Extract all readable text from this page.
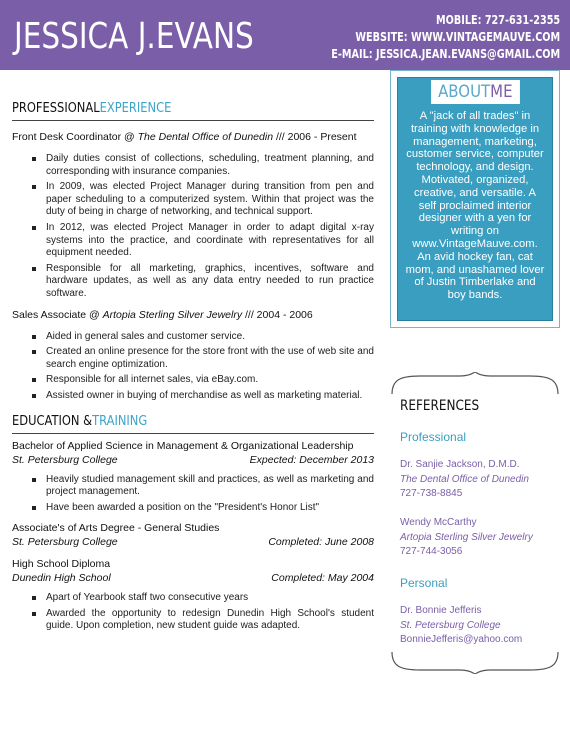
JESSICA J.EVANS	MOBILE: 727-631-2355
WEBSITE: WWW.VINTAGEMAUVE.COM
E-MAIL: JESSICA.JEAN.EVANS@GMAIL.COM
PROFESSIONALEXPERIENCE
Front Desk Coordinator @ The Dental Office of Dunedin /// 2006 - Present
Daily duties consist of collections, scheduling, treatment planning, and corresponding with insurance companies.
In 2009, was elected Project Manager during transition from pen and paper scheduling to a computerized system. Within that project was the duty of being in charge of networking, and technical support.
In 2012, was elected Project Manager in order to adapt digital x-ray systems into the practice, and coordinate with representatives for all equipment needed.
Responsible for all marketing, graphics, incentives, software and hardware updates, as well as any data entry needed to run practice software.
Sales Associate @ Artopia Sterling Silver Jewelry /// 2004 - 2006
Aided in general sales and customer service.
Created an online presence for the store front with the use of web site and search engine optimization.
Responsible for all internet sales, via eBay.com.
Assisted owner in buying of merchandise as well as marketing material.
EDUCATION &TRAINING
Bachelor of Applied Science in Management & Organizational Leadership
St. Petersburg College	Expected: December 2013
Heavily studied management skill and practices, as well as marketing and project management.
Have been awarded a position on the "President's Honor List"
Associate's of Arts Degree - General Studies
St. Petersburg College	Completed: June 2008
High School Diploma
Dunedin High School	Completed: May 2004
Apart of Yearbook staff two consecutive years
Awarded the opportunity to redesign Dunedin High School's student guide. Upon completion, new student guide was adapted.
ABOUTME
A "jack of all trades" in training with knowledge in management, marketing, customer service, computer technology, and design. Motivated, organized, creative, and versatile. A self proclaimed interior designer with a yen for writing on www.VintageMauve.com. An avid hockey fan, cat mom, and unashamed lover of Justin Timberlake and boy bands.
REFERENCES
Professional
Dr. Sanjie Jackson, D.M.D.
The Dental Office of Dunedin
727-738-8845
Wendy McCarthy
Artopia Sterling Silver Jewelry
727-744-3056
Personal
Dr. Bonnie Jefferis
St. Petersburg College
BonnieJefferis@yahoo.com
